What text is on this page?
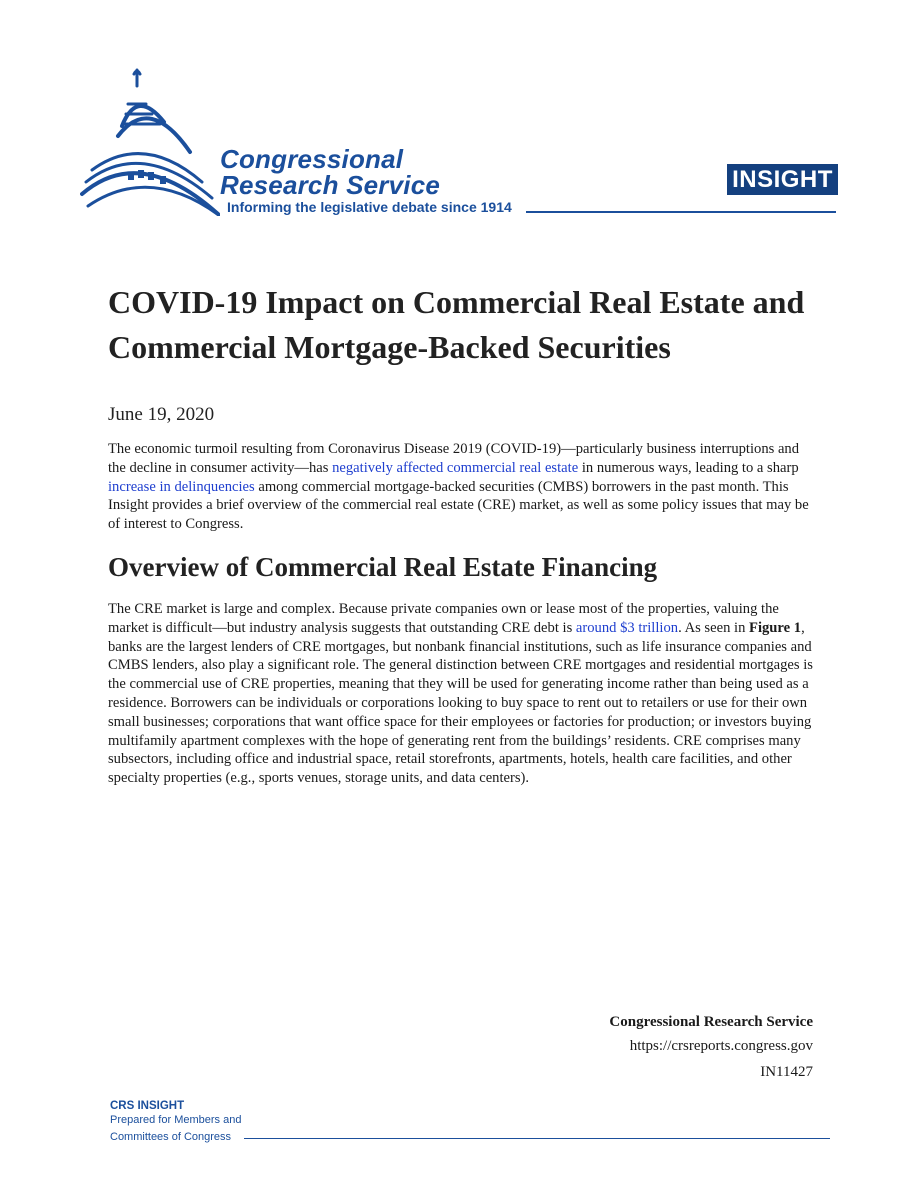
Congressional
Research Service
Informing the legislative debate since 1914
INSIGHT
COVID-19 Impact on Commercial Real Estate and Commercial Mortgage-Backed Securities
June 19, 2020

The economic turmoil resulting from Coronavirus Disease 2019 (COVID-19)—particularly business interruptions and the decline in consumer activity—has negatively affected commercial real estate in numerous ways, leading to a sharp increase in delinquencies among commercial mortgage-backed securities (CMBS) borrowers in the past month. This Insight provides a brief overview of the commercial real estate (CRE) market, as well as some policy issues that may be of interest to Congress.

Overview of Commercial Real Estate Financing

The CRE market is large and complex. Because private companies own or lease most of the properties, valuing the market is difficult—but industry analysis suggests that outstanding CRE debt is around $3 trillion. As seen in Figure 1, banks are the largest lenders of CRE mortgages, but nonbank financial institutions, such as life insurance companies and CMBS lenders, also play a significant role. The general distinction between CRE mortgages and residential mortgages is the commercial use of CRE properties, meaning that they will be used for generating income rather than being used as a residence. Borrowers can be individuals or corporations looking to buy space to rent out to retailers or use for their own small businesses; corporations that want office space for their employees or factories for production; or investors buying multifamily apartment complexes with the hope of generating rent from the buildings’ residents. CRE comprises many subsectors, including office and industrial space, retail storefronts, apartments, hotels, health care facilities, and other specialty properties (e.g., sports venues, storage units, and data centers).

Congressional Research Service
https://crsreports.congress.gov
IN11427
CRS INSIGHT
Prepared for Members and
Committees of Congress
